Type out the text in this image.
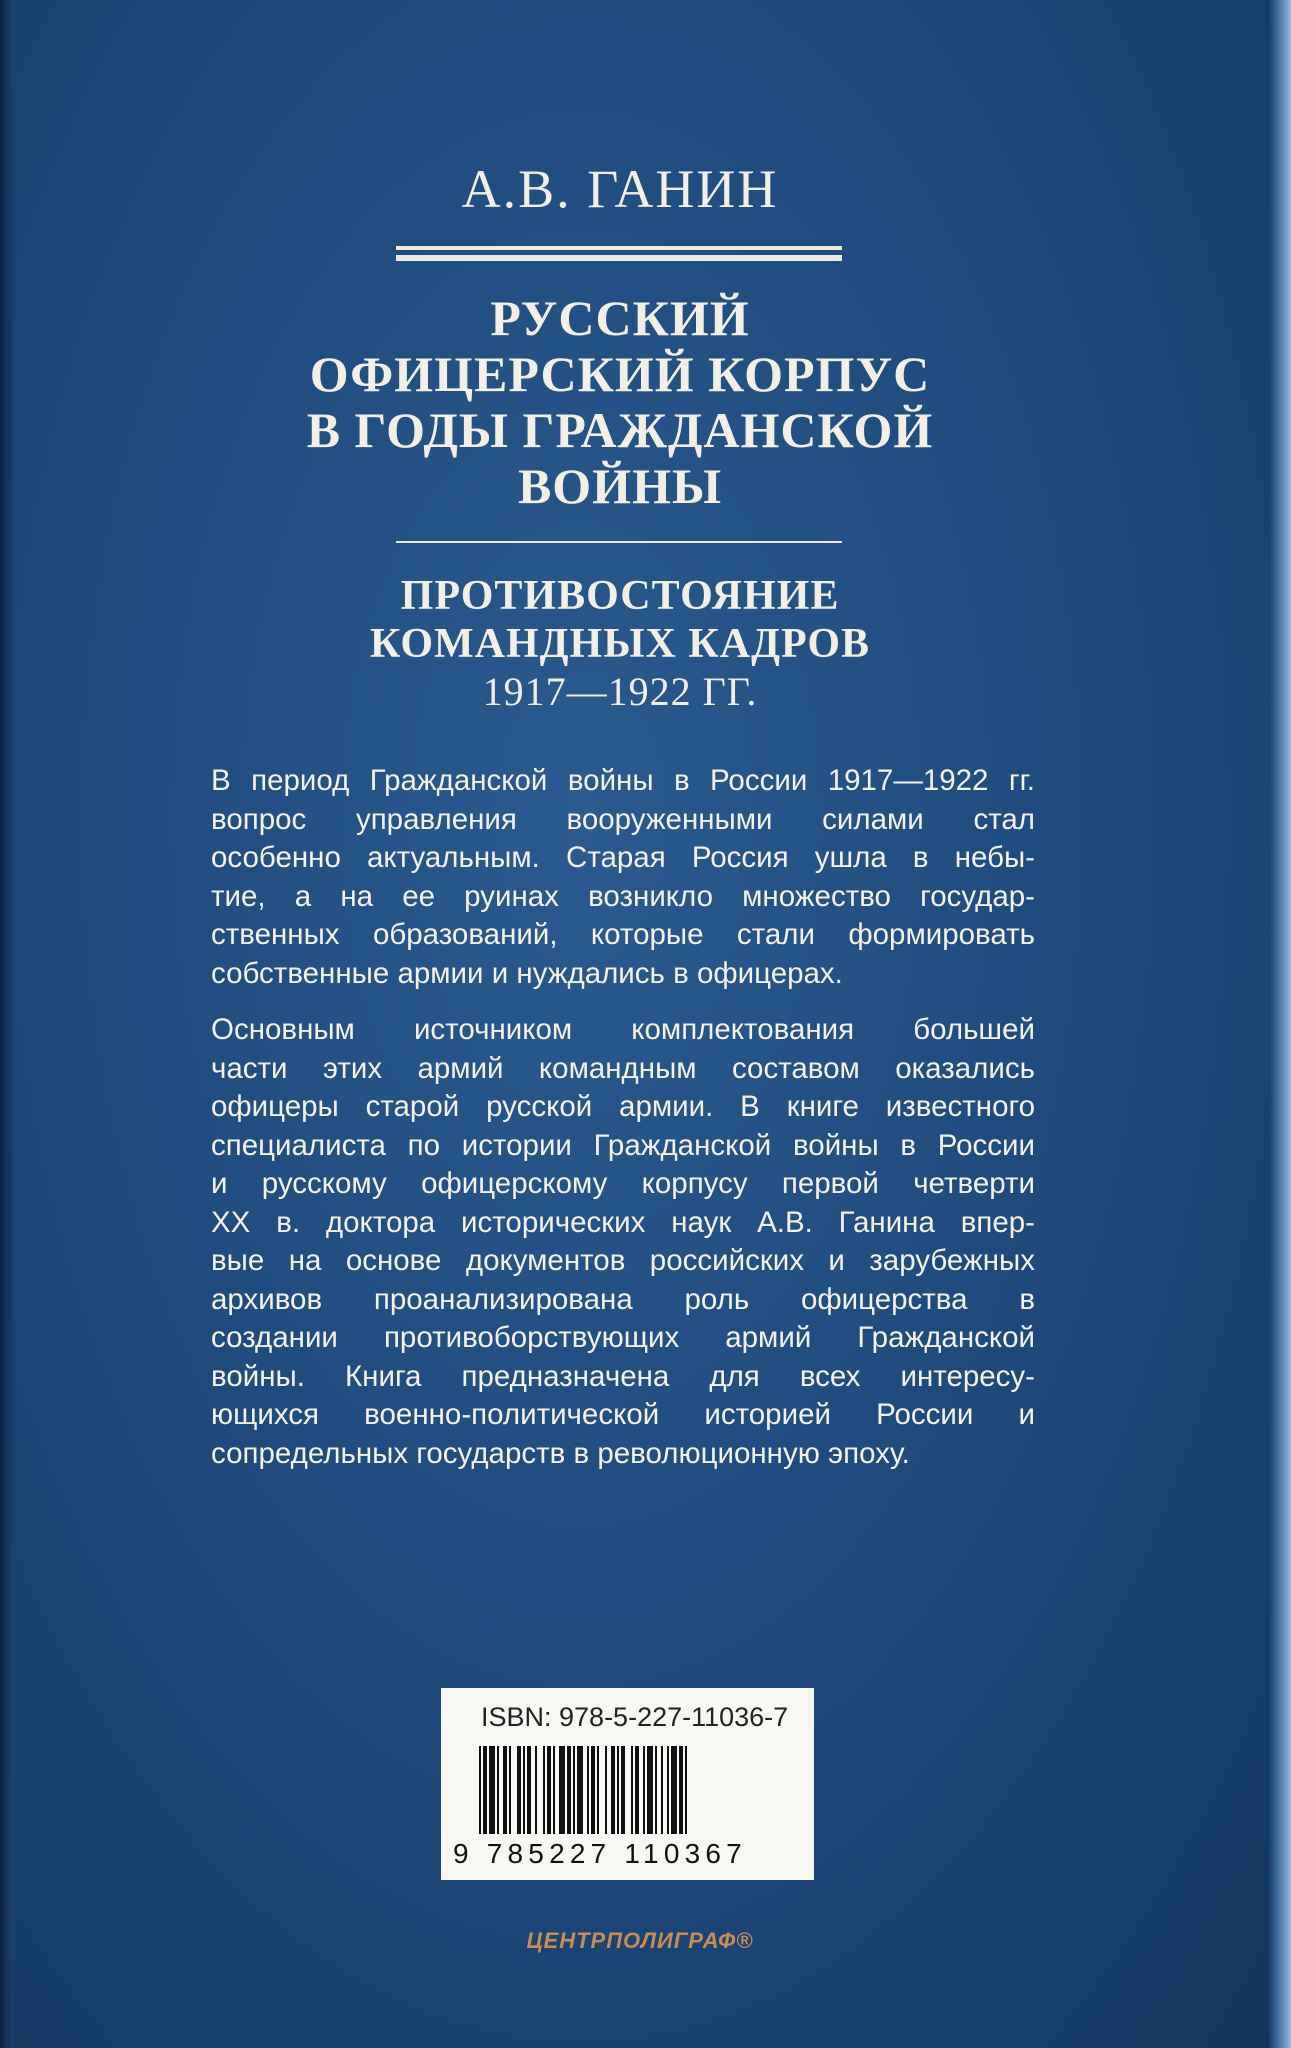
А.В. ГАНИН
РУССКИЙ
ОФИЦЕРСКИЙ КОРПУС
В ГОДЫ ГРАЖДАНСКОЙ
ВОЙНЫ
ПРОТИВОСТОЯНИЕ
КОМАНДНЫХ КАДРОВ
1917—1922 ГГ.

В период Гражданской войны в России 1917—1922 гг.
вопрос управления вооруженными силами стал
особенно актуальным. Старая Россия ушла в небы-
тие, а на ее руинах возникло множество государ-
ственных образований, которые стали формировать
собственные армии и нуждались в офицерах.

Основным источником комплектования большей
части этих армий командным составом оказались
офицеры старой русской армии. В книге известного
специалиста по истории Гражданской войны в России
и русскому офицерскому корпусу первой четверти
XX в. доктора исторических наук А.В. Ганина впер-
вые на основе документов российских и зарубежных
архивов проанализирована роль офицерства в
создании противоборствующих армий Гражданской
войны. Книга предназначена для всех интересу-
ющихся военно-политической историей России и
сопредельных государств в революционную эпоху.

ISBN: 978-5-227-11036-7
9 785227 110367
ЦЕНТРПОЛИГРАФ®
